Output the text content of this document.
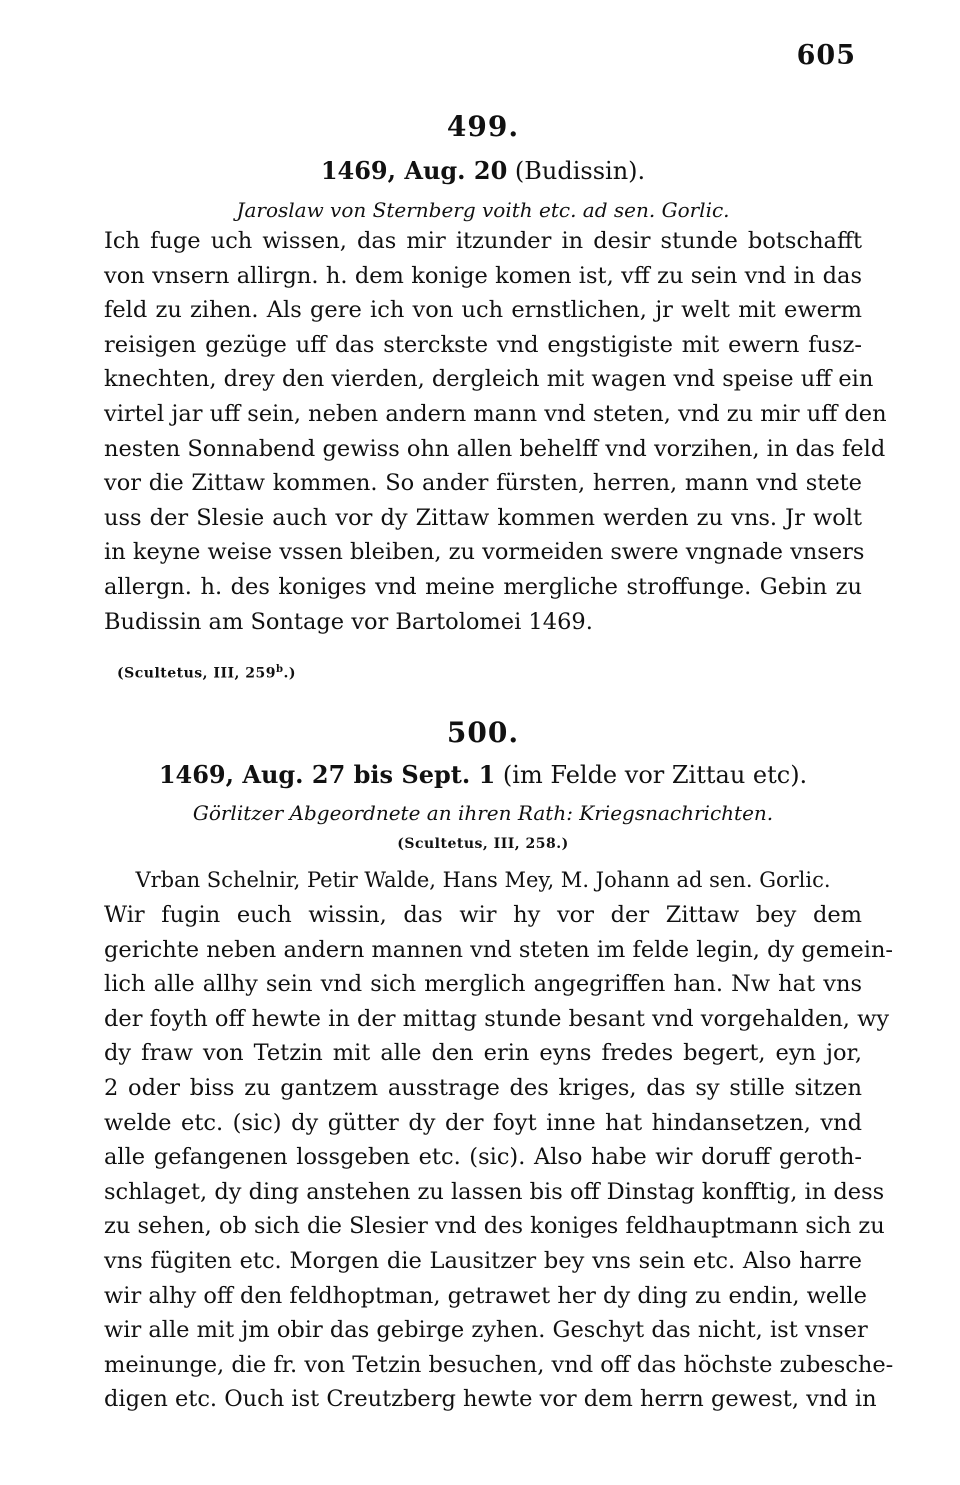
605
499.
1469, Aug. 20 (Budissin).
Jaroslaw von Sternberg voith etc. ad sen. Gorlic.
Ich fuge uch wissen, das mir itzunder in desir stunde botschafft
von vnsern allirgn. h. dem konige komen ist, vff zu sein vnd in das
feld zu zihen. Als gere ich von uch ernstlichen, jr welt mit ewerm
reisigen gezüge uff das sterckste vnd engstigiste mit ewern fusz-
knechten, drey den vierden, dergleich mit wagen vnd speise uff ein
virtel jar uff sein, neben andern mann vnd steten, vnd zu mir uff den
nesten Sonnabend gewiss ohn allen behelff vnd vorzihen, in das feld
vor die Zittaw kommen. So ander fürsten, herren, mann vnd stete
uss der Slesie auch vor dy Zittaw kommen werden zu vns. Jr wolt
in keyne weise vssen bleiben, zu vormeiden swere vngnade vnsers
allergn. h. des koniges vnd meine mergliche stroffunge. Gebin zu
Budissin am Sontage vor Bartolomei 1469.
(Scultetus, III, 259$^b$.)
500.
1469, Aug. 27 bis Sept. 1 (im Felde vor Zittau etc).
Görlitzer Abgeordnete an ihren Rath: Kriegsnachrichten.
(Scultetus, III, 258.)
Vrban Schelnir, Petir Walde, Hans Mey, M. Johann ad sen. Gorlic.
Wir fugin euch wissin, das wir hy vor der Zittaw bey dem
gerichte neben andern mannen vnd steten im felde legin, dy gemein-
lich alle allhy sein vnd sich merglich angegriffen han. Nw hat vns
der foyth off hewte in der mittag stunde besant vnd vorgehalden, wy
dy fraw von Tetzin mit alle den erin eyns fredes begert, eyn jor,
2 oder biss zu gantzem ausstrage des kriges, das sy stille sitzen
welde etc. (sic) dy gütter dy der foyt inne hat hindansetzen, vnd
alle gefangenen lossgeben etc. (sic). Also habe wir doruff geroth-
schlaget, dy ding anstehen zu lassen bis off Dinstag konfftig, in dess
zu sehen, ob sich die Slesier vnd des koniges feldhauptmann sich zu
vns fügiten etc. Morgen die Lausitzer bey vns sein etc. Also harre
wir alhy off den feldhoptman, getrawet her dy ding zu endin, welle
wir alle mit jm obir das gebirge zyhen. Geschyt das nicht, ist vnser
meinunge, die fr. von Tetzin besuchen, vnd off das höchste zubesche-
digen etc. Ouch ist Creutzberg hewte vor dem herrn gewest, vnd in
